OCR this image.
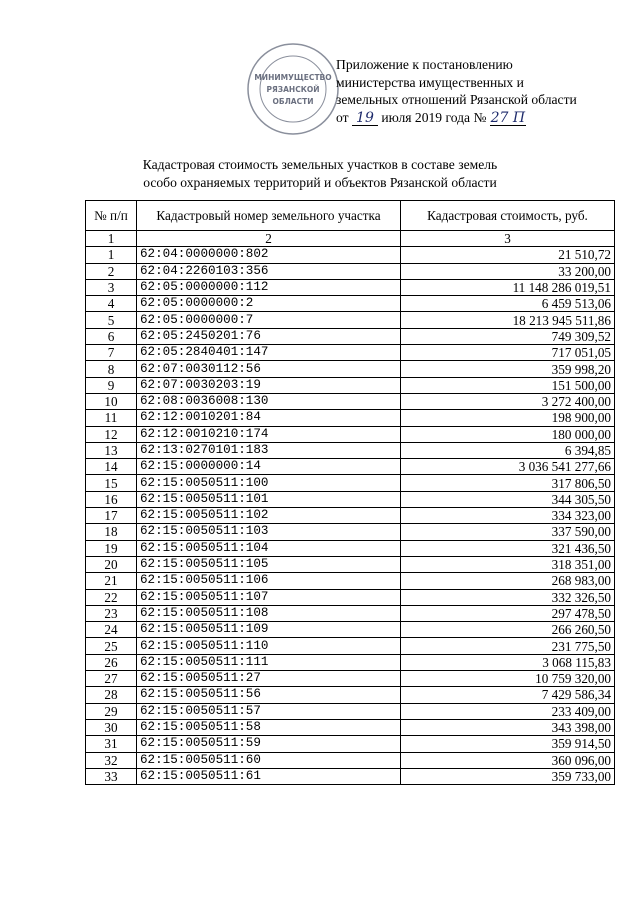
МИНИМУЩЕСТВО
РЯЗАНСКОЙ
ОБЛАСТИ
Приложение к постановлению
министерства имущественных и
земельных отношений Рязанской области
от 19 июля 2019 года № 27 П
Кадастровая стоимость земельных участков в составе земель
особо охраняемых территорий и объектов Рязанской области
№ п/п	Кадастровый номер земельного участка	Кадастровая стоимость, руб.
1	2	3
1	62:04:0000000:802	21 510,72
2	62:04:2260103:356	33 200,00
3	62:05:0000000:112	11 148 286 019,51
4	62:05:0000000:2	6 459 513,06
5	62:05:0000000:7	18 213 945 511,86
6	62:05:2450201:76	749 309,52
7	62:05:2840401:147	717 051,05
8	62:07:0030112:56	359 998,20
9	62:07:0030203:19	151 500,00
10	62:08:0036008:130	3 272 400,00
11	62:12:0010201:84	198 900,00
12	62:12:0010210:174	180 000,00
13	62:13:0270101:183	6 394,85
14	62:15:0000000:14	3 036 541 277,66
15	62:15:0050511:100	317 806,50
16	62:15:0050511:101	344 305,50
17	62:15:0050511:102	334 323,00
18	62:15:0050511:103	337 590,00
19	62:15:0050511:104	321 436,50
20	62:15:0050511:105	318 351,00
21	62:15:0050511:106	268 983,00
22	62:15:0050511:107	332 326,50
23	62:15:0050511:108	297 478,50
24	62:15:0050511:109	266 260,50
25	62:15:0050511:110	231 775,50
26	62:15:0050511:111	3 068 115,83
27	62:15:0050511:27	10 759 320,00
28	62:15:0050511:56	7 429 586,34
29	62:15:0050511:57	233 409,00
30	62:15:0050511:58	343 398,00
31	62:15:0050511:59	359 914,50
32	62:15:0050511:60	360 096,00
33	62:15:0050511:61	359 733,00
